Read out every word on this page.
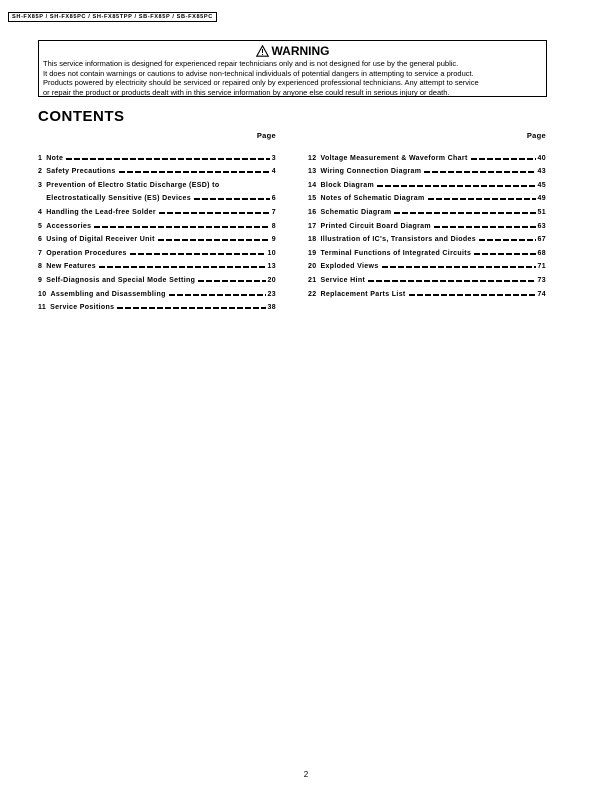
SH-FX85P / SH-FX85PC / SH-FX85TPP / SB-FX85P / SB-FX85PC
WARNING
This service information is designed for experienced repair technicians only and is not designed for use by the general public.
It does not contain warnings or cautions to advise non-technical individuals of potential dangers in attempting to service a product.
Products powered by electricity should be serviced or repaired only by experienced professional technicians. Any attempt to service
or repair the product or products dealt with in this service information by anyone else could result in serious injury or death.
CONTENTS
Page
1 Note	3
2 Safety Precautions	4
3 Prevention of Electro Static Discharge (ESD) to
Electrostatically Sensitive (ES) Devices	6
4 Handling the Lead-free Solder	7
5 Accessories	8
6 Using of Digital Receiver Unit	9
7 Operation Procedures	10
8 New Features	13
9 Self-Diagnosis and Special Mode Setting	20
10 Assembling and Disassembling	23
11 Service Positions	38
Page
12 Voltage Measurement & Waveform Chart	40
13 Wiring Connection Diagram	43
14 Block Diagram	45
15 Notes of Schematic Diagram	49
16 Schematic Diagram	51
17 Printed Circuit Board Diagram	63
18 Illustration of IC's, Transistors and Diodes	67
19 Terminal Functions of Integrated Circuits	68
20 Exploded Views	71
21 Service Hint	73
22 Replacement Parts List	74
2
